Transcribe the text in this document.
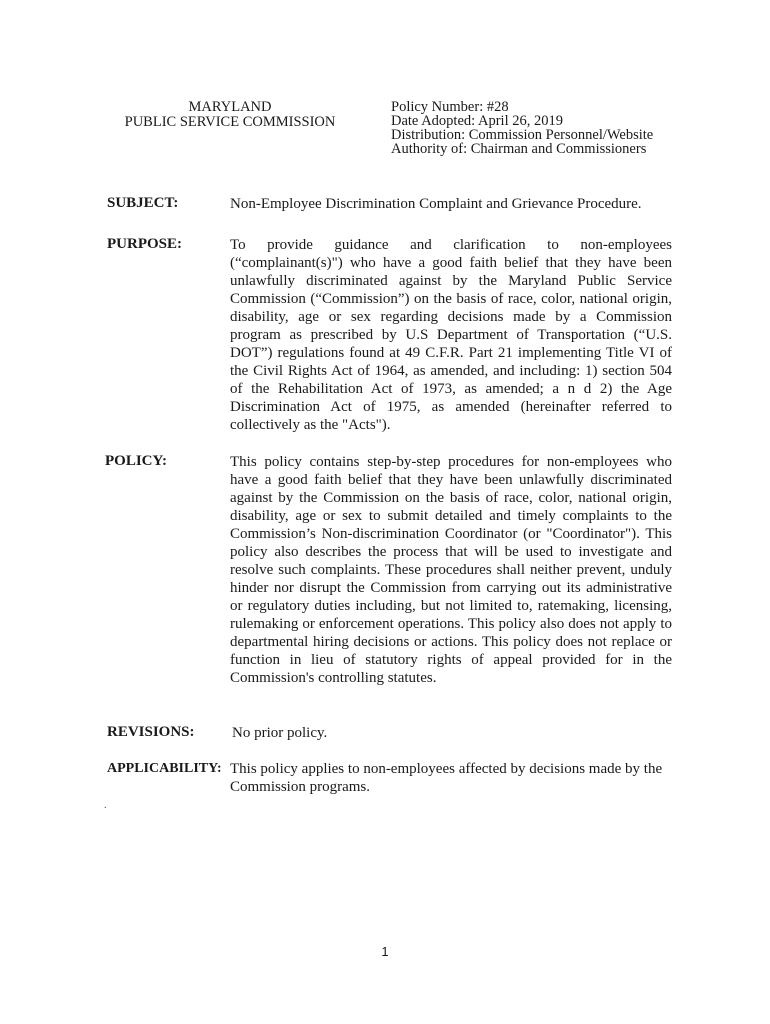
MARYLAND
PUBLIC SERVICE COMMISSION
Policy Number: #28
Date Adopted: April 26, 2019
Distribution: Commission Personnel/Website
Authority of: Chairman and Commissioners
SUBJECT:	Non-Employee Discrimination Complaint and Grievance Procedure.
PURPOSE:	To provide guidance and clarification to non-employees (“complainant(s)") who have a good faith belief that they have been unlawfully discriminated against by the Maryland Public Service Commission (“Commission”) on the basis of race, color, national origin, disability, age or sex regarding decisions made by a Commission program as prescribed by U.S Department of Transportation (“U.S. DOT”) regulations found at 49 C.F.R. Part 21 implementing Title VI of the Civil Rights Act of 1964, as amended, and including: 1) section 504 of the Rehabilitation Act of 1973, as amended; a n d 2) the Age Discrimination Act of 1975, as amended (hereinafter referred to collectively as the "Acts").
POLICY:	This policy contains step-by-step procedures for non-employees who have a good faith belief that they have been unlawfully discriminated against by the Commission on the basis of race, color, national origin, disability, age or sex to submit detailed and timely complaints to the Commission’s Non-discrimination Coordinator (or "Coordinator"). This policy also describes the process that will be used to investigate and resolve such complaints. These procedures shall neither prevent, unduly hinder nor disrupt the Commission from carrying out its administrative or regulatory duties including, but not limited to, ratemaking, licensing, rulemaking or enforcement operations. This policy also does not apply to departmental hiring decisions or actions. This policy does not replace or function in lieu of statutory rights of appeal provided for in the Commission's controlling statutes.
REVISIONS: No prior policy.
APPLICABILITY: This policy applies to non-employees affected by decisions made by the Commission programs.
.
1
